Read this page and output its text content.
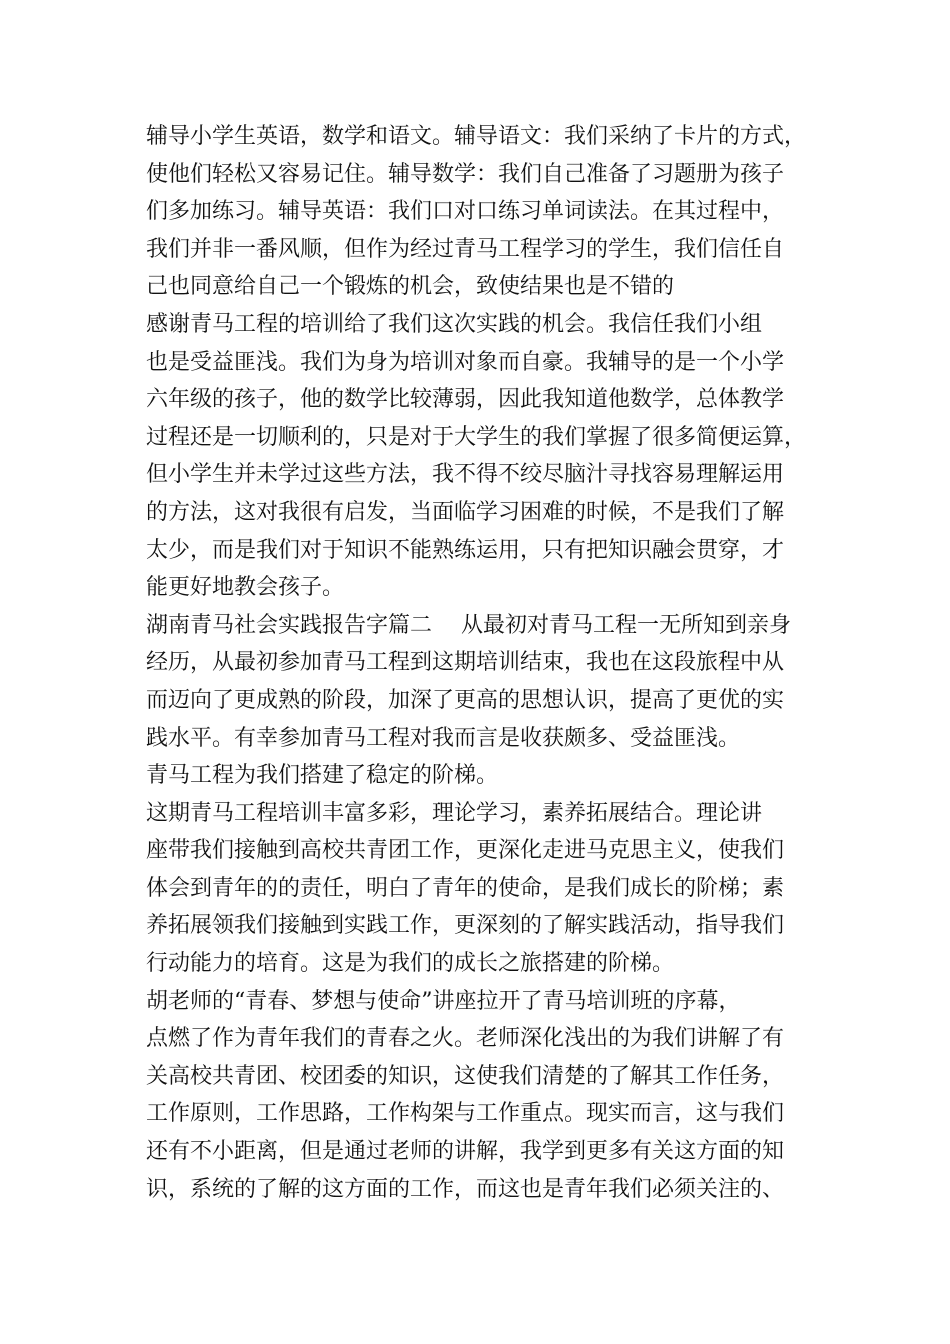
辅导小学生英语，数学和语文。辅导语文：我们采纳了卡片的方式，
使他们轻松又容易记住。辅导数学：我们自己准备了习题册为孩子
们多加练习。辅导英语：我们口对口练习单词读法。在其过程中，
我们并非一番风顺，但作为经过青马工程学习的学生，我们信任自
己也同意给自己一个锻炼的机会，致使结果也是不错的

感谢青马工程的培训给了我们这次实践的机会。我信任我们小组
也是受益匪浅。我们为身为培训对象而自豪。我辅导的是一个小学
六年级的孩子，他的数学比较薄弱，因此我知道他数学，总体教学
过程还是一切顺利的，只是对于大学生的我们掌握了很多简便运算，
但小学生并未学过这些方法，我不得不绞尽脑汁寻找容易理解运用
的方法，这对我很有启发，当面临学习困难的时候，不是我们了解
太少，而是我们对于知识不能熟练运用，只有把知识融会贯穿，才
能更好地教会孩子。

湖南青马社会实践报告字篇二　 从最初对青马工程一无所知到亲身
经历，从最初参加青马工程到这期培训结束，我也在这段旅程中从
而迈向了更成熟的阶段，加深了更高的思想认识，提高了更优的实
践水平。有幸参加青马工程对我而言是收获颇多、受益匪浅。

青马工程为我们搭建了稳定的阶梯。

这期青马工程培训丰富多彩，理论学习，素养拓展结合。理论讲
座带我们接触到高校共青团工作，更深化走进马克思主义，使我们
体会到青年的的责任，明白了青年的使命，是我们成长的阶梯；素
养拓展领我们接触到实践工作，更深刻的了解实践活动，指导我们
行动能力的培育。这是为我们的成长之旅搭建的阶梯。

胡老师的“青春、梦想与使命”讲座拉开了青马培训班的序幕，
点燃了作为青年我们的青春之火。老师深化浅出的为我们讲解了有
关高校共青团、校团委的知识，这使我们清楚的了解其工作任务，
工作原则，工作思路，工作构架与工作重点。现实而言，这与我们
还有不小距离，但是通过老师的讲解，我学到更多有关这方面的知
识，系统的了解的这方面的工作，而这也是青年我们必须关注的、
